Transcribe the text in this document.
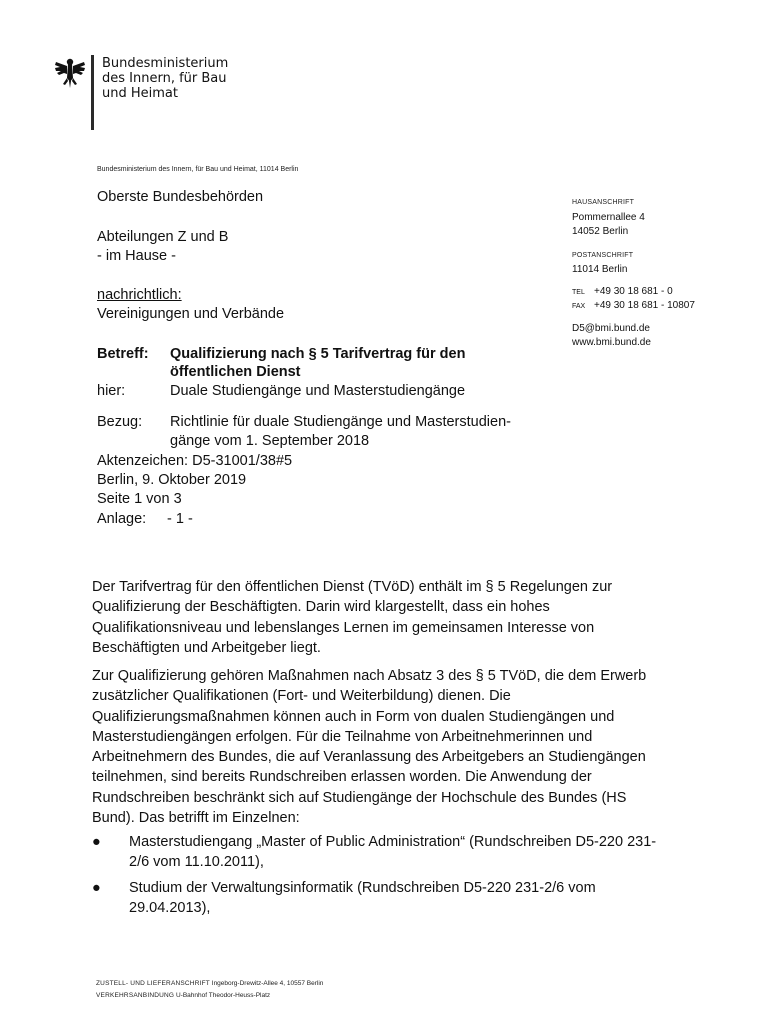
Bundesministerium
des Innern, für Bau
und Heimat
Bundesministerium des Innern, für Bau und Heimat, 11014 Berlin
Oberste Bundesbehörden
Abteilungen Z und B
- im Hause -
nachrichtlich:
Vereinigungen und Verbände
HAUSANSCHRIFT
Pommernallee 4
14052 Berlin
POSTANSCHRIFT
11014 Berlin
TEL +49 30 18 681 - 0
FAX +49 30 18 681 - 10807
D5@bmi.bund.de
www.bmi.bund.de
Betreff: Qualifizierung nach § 5 Tarifvertrag für den
öffentlichen Dienst
hier:	Duale Studiengänge und Masterstudiengänge
Bezug: Richtlinie für duale Studiengänge und Masterstudien-
gänge vom 1. September 2018
Aktenzeichen: D5-31001/38#5
Berlin, 9. Oktober 2019
Seite 1 von 3
Anlage: - 1 -

Der Tarifvertrag für den öffentlichen Dienst (TVöD) enthält im § 5 Regelungen zur Qualifizierung der Beschäftigten. Darin wird klargestellt, dass ein hohes Qualifikationsniveau und lebenslanges Lernen im gemeinsamen Interesse von Beschäftigten und Arbeitgeber liegt.

Zur Qualifizierung gehören Maßnahmen nach Absatz 3 des § 5 TVöD, die dem Erwerb zusätzlicher Qualifikationen (Fort- und Weiterbildung) dienen. Die Qualifizierungsmaßnahmen können auch in Form von dualen Studiengängen und Masterstudiengängen erfolgen. Für die Teilnahme von Arbeitnehmerinnen und Arbeitnehmern des Bundes, die auf Veranlassung des Arbeitgebers an Studiengängen teilnehmen, sind bereits Rundschreiben erlassen worden. Die Anwendung der Rundschreiben beschränkt sich auf Studiengänge der Hochschule des Bundes (HS Bund). Das betrifft im Einzelnen:

● Masterstudiengang „Master of Public Administration“ (Rundschreiben D5-220 231-2/6 vom 11.10.2011),
● Studium der Verwaltungsinformatik (Rundschreiben D5-220 231-2/6 vom 29.04.2013),
ZUSTELL- UND LIEFERANSCHRIFT Ingeborg-Drewitz-Allee 4, 10557 Berlin
VERKEHRSANBINDUNG U-Bahnhof Theodor-Heuss-Platz
